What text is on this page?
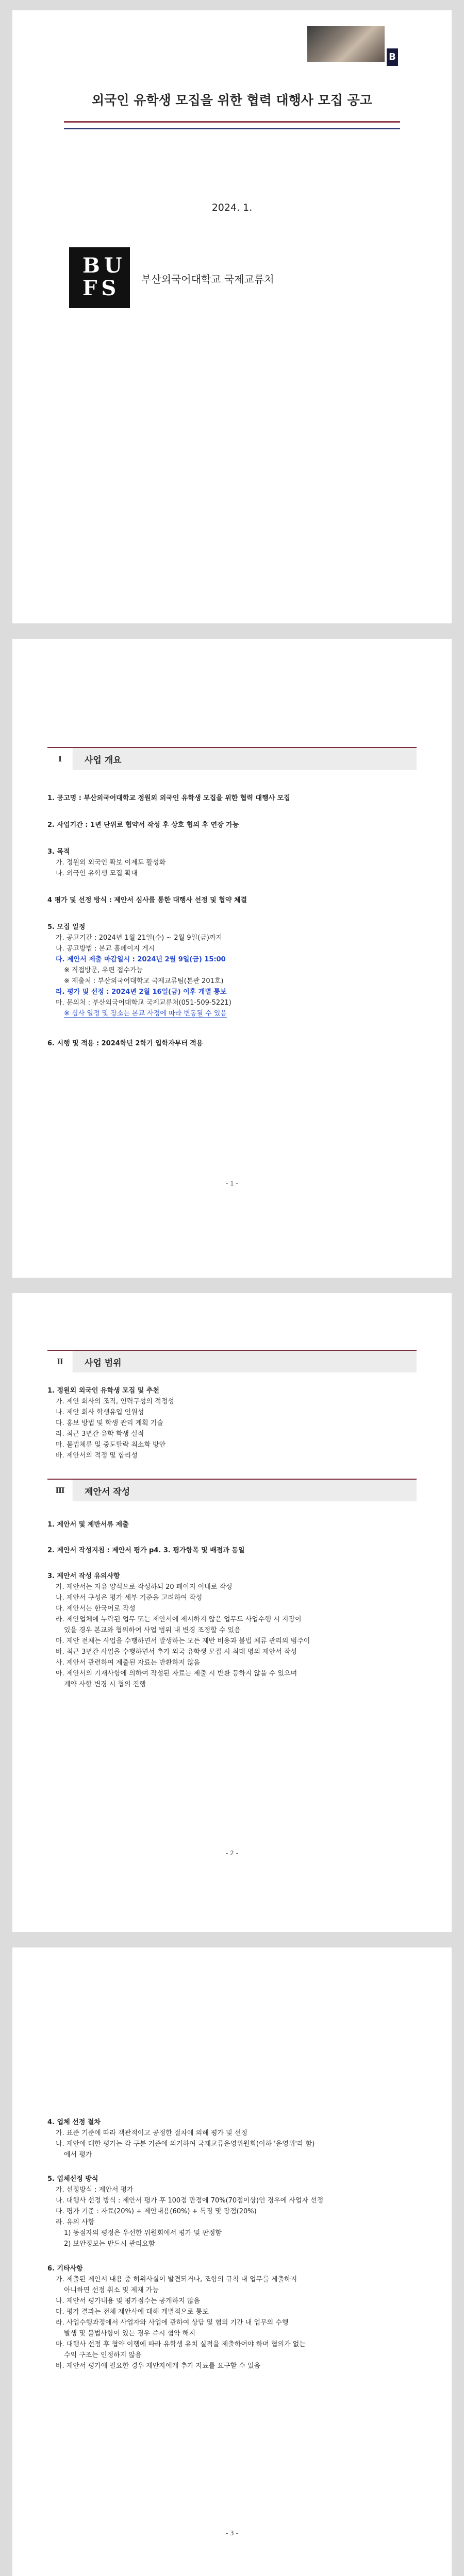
B
외국인 유학생 모집을 위한 협력 대행사 모집 공고
2024. 1.
BU
FS	부산외국어대학교 국제교류처
Ⅰ	사업 개요
1. 공고명 : 부산외국어대학교 정원외 외국인 유학생 모집을 위한 협력 대행사 모집
2. 사업기간 : 1년 단위로 협약서 작성 후 상호 협의 후 연장 가능
3. 목적
가. 정원외 외국인 확보 이제도 활성화
나. 외국인 유학생 모집 확대
4 평가 및 선정 방식 : 제안서 심사를 통한 대행사 선정 및 협약 체결
5. 모집 일정
가. 공고기간 : 2024년 1월 21일(수) ~ 2월 9일(금)까지
나. 공고방법 : 본교 홈페이지 게시
다. 제안서 제출 마감일시 : 2024년 2월 9일(금) 15:00
※ 직접방문, 우편 접수가능
※ 제출처 : 부산외국어대학교 국제교류팀(본관 201호)
라. 평가 및 선정 : 2024년 2월 16일(금) 이후 개별 통보
마. 문의처 : 부산외국어대학교 국제교류처(051-509-5221)
※ 심사 일정 및 장소는 본교 사정에 따라 변동될 수 있음
6. 시행 및 적용 : 2024학년 2학기 입학자부터 적용
- 1 -
Ⅱ	사업 범위
1. 정원외 외국인 유학생 모집 및 추천
가. 제안 회사의 조직, 인력구성의 적정성
나. 제안 회사 학생유입 인원성
다. 홍보 방법 및 학생 관리 계획 기술
라. 최근 3년간 유학 학생 실적
마. 불법체류 및 중도탈락 최소화 방안
바. 제안서의 적정 및 합리성
Ⅲ	제안서 작성
1. 제안서 및 제반서류 제출
2. 제안서 작성지침 : 제안서 평가 p4. 3. 평가항목 및 배점과 동일
3. 제안서 작성 유의사항
가. 제안서는 자유 양식으로 작성하되 20 페이지 이내로 작성
나. 제안서 구성은 평가 세부 기준을 고려하여 작성
다. 제안서는 한국어로 작성
라. 제안업체에 누락된 업무 또는 제안서에 제시하지 않은 업무도 사업수행 시 지장이
있을 경우 본교와 협의하여 사업 범위 내 변경 조정할 수 있음
마. 제안 전체는 사업을 수행하면서 발생하는 모든 제반 비용과 불법 체류 관리의 범주이
바. 최근 3년간 사업을 수행하면서 추가 외국 유학생 모집 시 최대 명의 제안서 작성
사. 제안서 관련하여 제출된 자료는 반환하지 않음
아. 제안서의 기재사항에 의하여 작성된 자료는 제출 시 반환 등하지 않을 수 있으며
계약 사항 변경 시 협의 진행
- 2 -
4. 업체 선정 절차
가. 표준 기준에 따라 객관적이고 공정한 절차에 의해 평가 및 선정
나. 제안에 대한 평가는 각 구분 기준에 의거하여 국제교류운영위원회(이하 '운영위'라 함)
에서 평가
5. 업체선정 방식
가. 선정방식 : 제안서 평가
나. 대행사 선정 방식 : 제안서 평가 후 100점 만점에 70%(70점이상)인 경우에 사업자 선정
다. 평가 기준 : 자료(20%) + 제안내용(60%) + 특징 및 장점(20%)
라. 유의 사항
1) 동점자의 평정은 우선한 위원회에서 평가 및 판정함
2) 보안정보는 반드시 관리요함
6. 기타사항
가. 제출된 제안서 내용 중 허위사실이 발견되거나, 조항의 규칙 내 업무를 제출하지
아니하면 선정 취소 및 제재 가능
나. 제안서 평가내용 및 평가점수는 공개하지 않음
다. 평가 결과는 전체 제안사에 대해 개별적으로 통보
라. 사업수행과정에서 사업자와 사업에 관하여 상담 및 협의 기간 내 업무의 수행
발생 및 불법사항이 있는 경우 즉시 협약 해지
마. 대행사 선정 후 협약 이행에 따라 유학생 유치 실적을 제출하여야 하며 협의가 없는
수익 구조는 인정하지 않음
바. 제안서 평가에 필요한 경우 제안자에게 추가 자료를 요구할 수 있음
- 3 -
